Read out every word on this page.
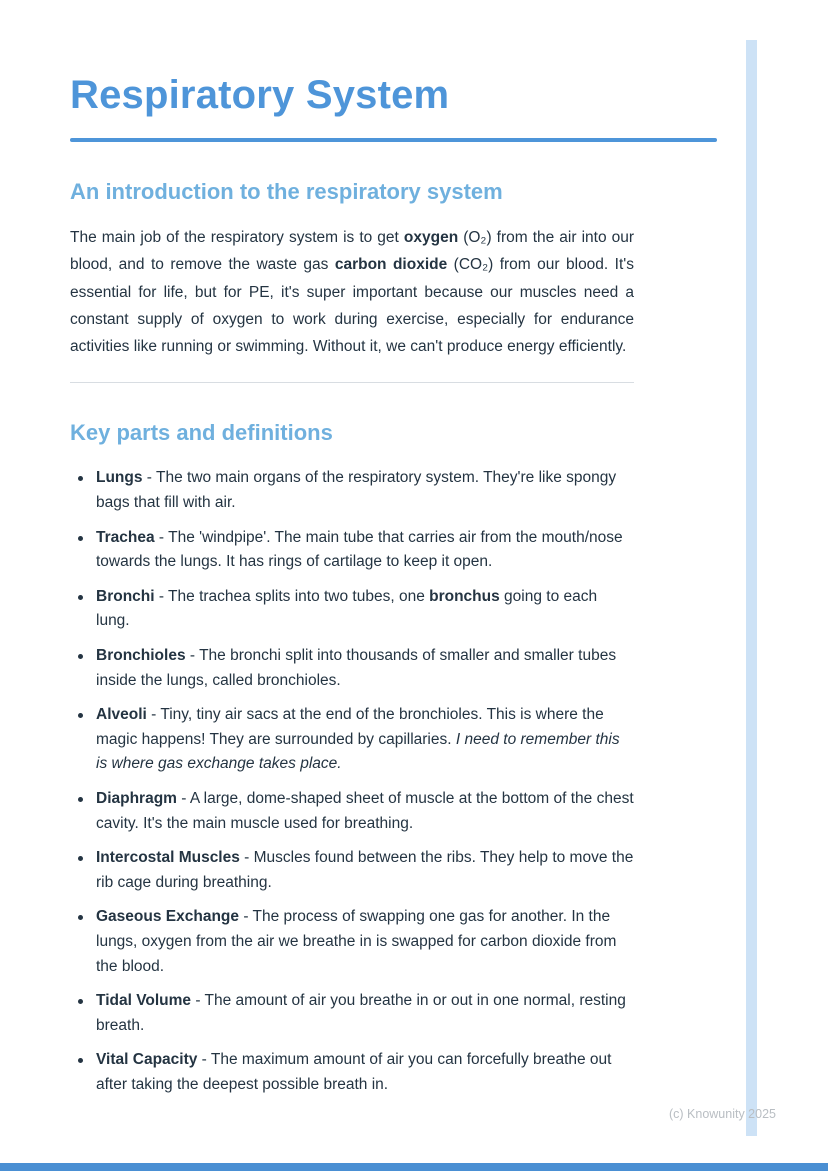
Respiratory System
An introduction to the respiratory system

The main job of the respiratory system is to get oxygen (O₂) from the air into our blood, and to remove the waste gas carbon dioxide (CO₂) from our blood. It's essential for life, but for PE, it's super important because our muscles need a constant supply of oxygen to work during exercise, especially for endurance activities like running or swimming. Without it, we can't produce energy efficiently.

Key parts and definitions
Lungs - The two main organs of the respiratory system. They're like spongy bags that fill with air.
Trachea - The 'windpipe'. The main tube that carries air from the mouth/nose towards the lungs. It has rings of cartilage to keep it open.
Bronchi - The trachea splits into two tubes, one bronchus going to each lung.
Bronchioles - The bronchi split into thousands of smaller and smaller tubes inside the lungs, called bronchioles.
Alveoli - Tiny, tiny air sacs at the end of the bronchioles. This is where the magic happens! They are surrounded by capillaries. I need to remember this is where gas exchange takes place.
Diaphragm - A large, dome-shaped sheet of muscle at the bottom of the chest cavity. It's the main muscle used for breathing.
Intercostal Muscles - Muscles found between the ribs. They help to move the rib cage during breathing.
Gaseous Exchange - The process of swapping one gas for another. In the lungs, oxygen from the air we breathe in is swapped for carbon dioxide from the blood.
Tidal Volume - The amount of air you breathe in or out in one normal, resting breath.
Vital Capacity - The maximum amount of air you can forcefully breathe out after taking the deepest possible breath in.
(c) Knowunity 2025
